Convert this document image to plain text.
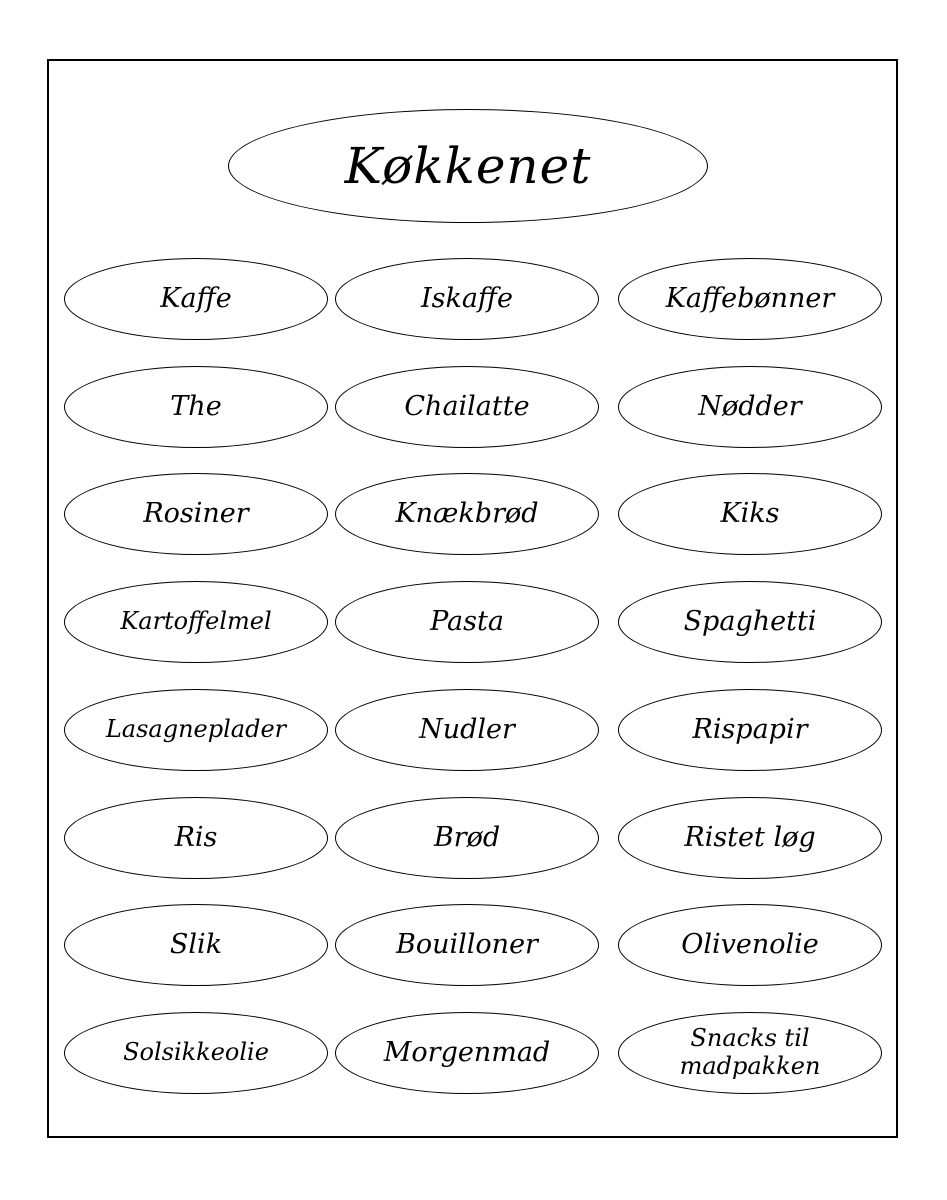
Køkkenet
Kaffe	Iskaffe	Kaffebønner
The	Chailatte	Nødder
Rosiner	Knækbrød	Kiks
Kartoffelmel	Pasta	Spaghetti
Lasagneplader	Nudler	Rispapir
Ris	Brød	Ristet løg
Slik	Bouilloner	Olivenolie
Solsikkeolie	Morgenmad	Snacks til madpakken
